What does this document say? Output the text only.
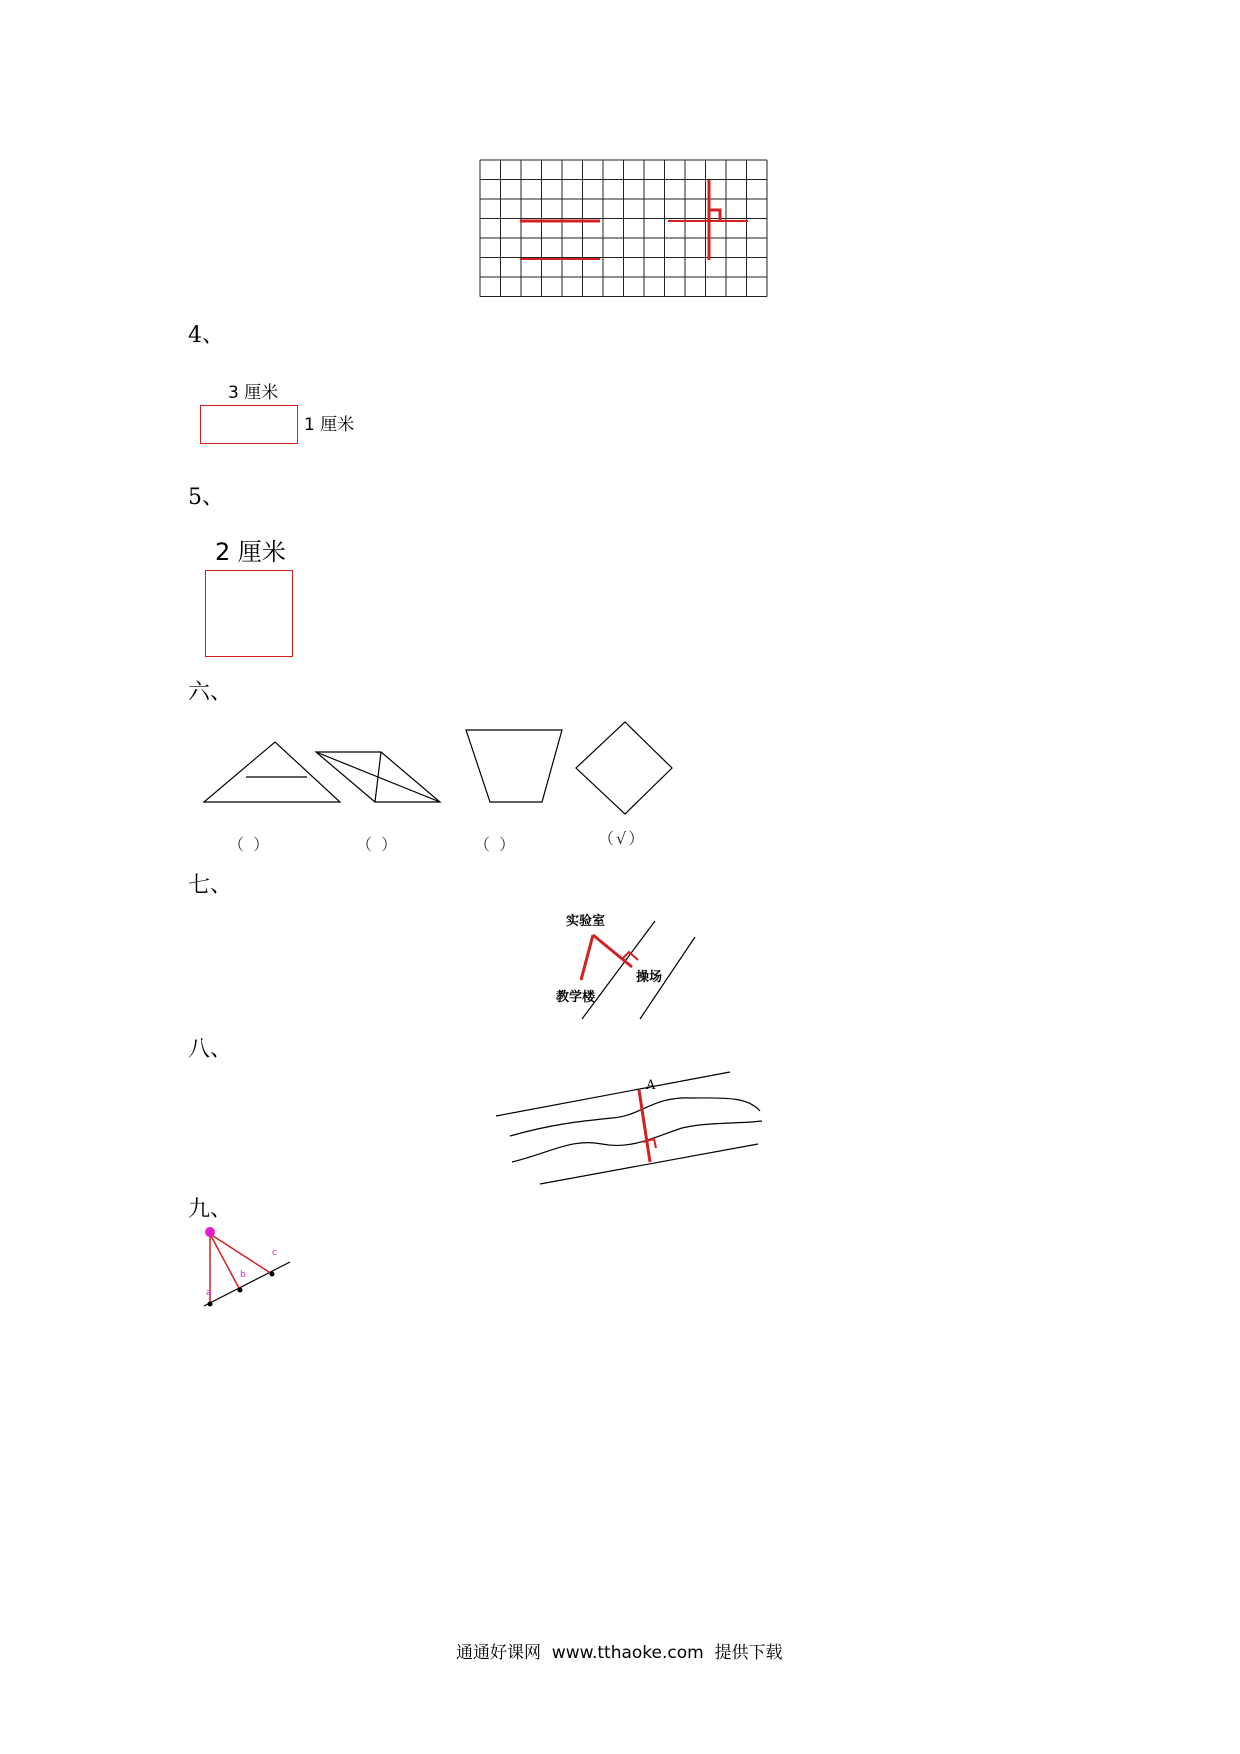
4、
3 厘米
1 厘米
5、
2 厘米
六、
（ ）	（ ）	（ ）	（√）
七、
实验室
教学楼
操场
八、
A
九、
a
b
c
通通好课网  www.tthaoke.com  提供下载
